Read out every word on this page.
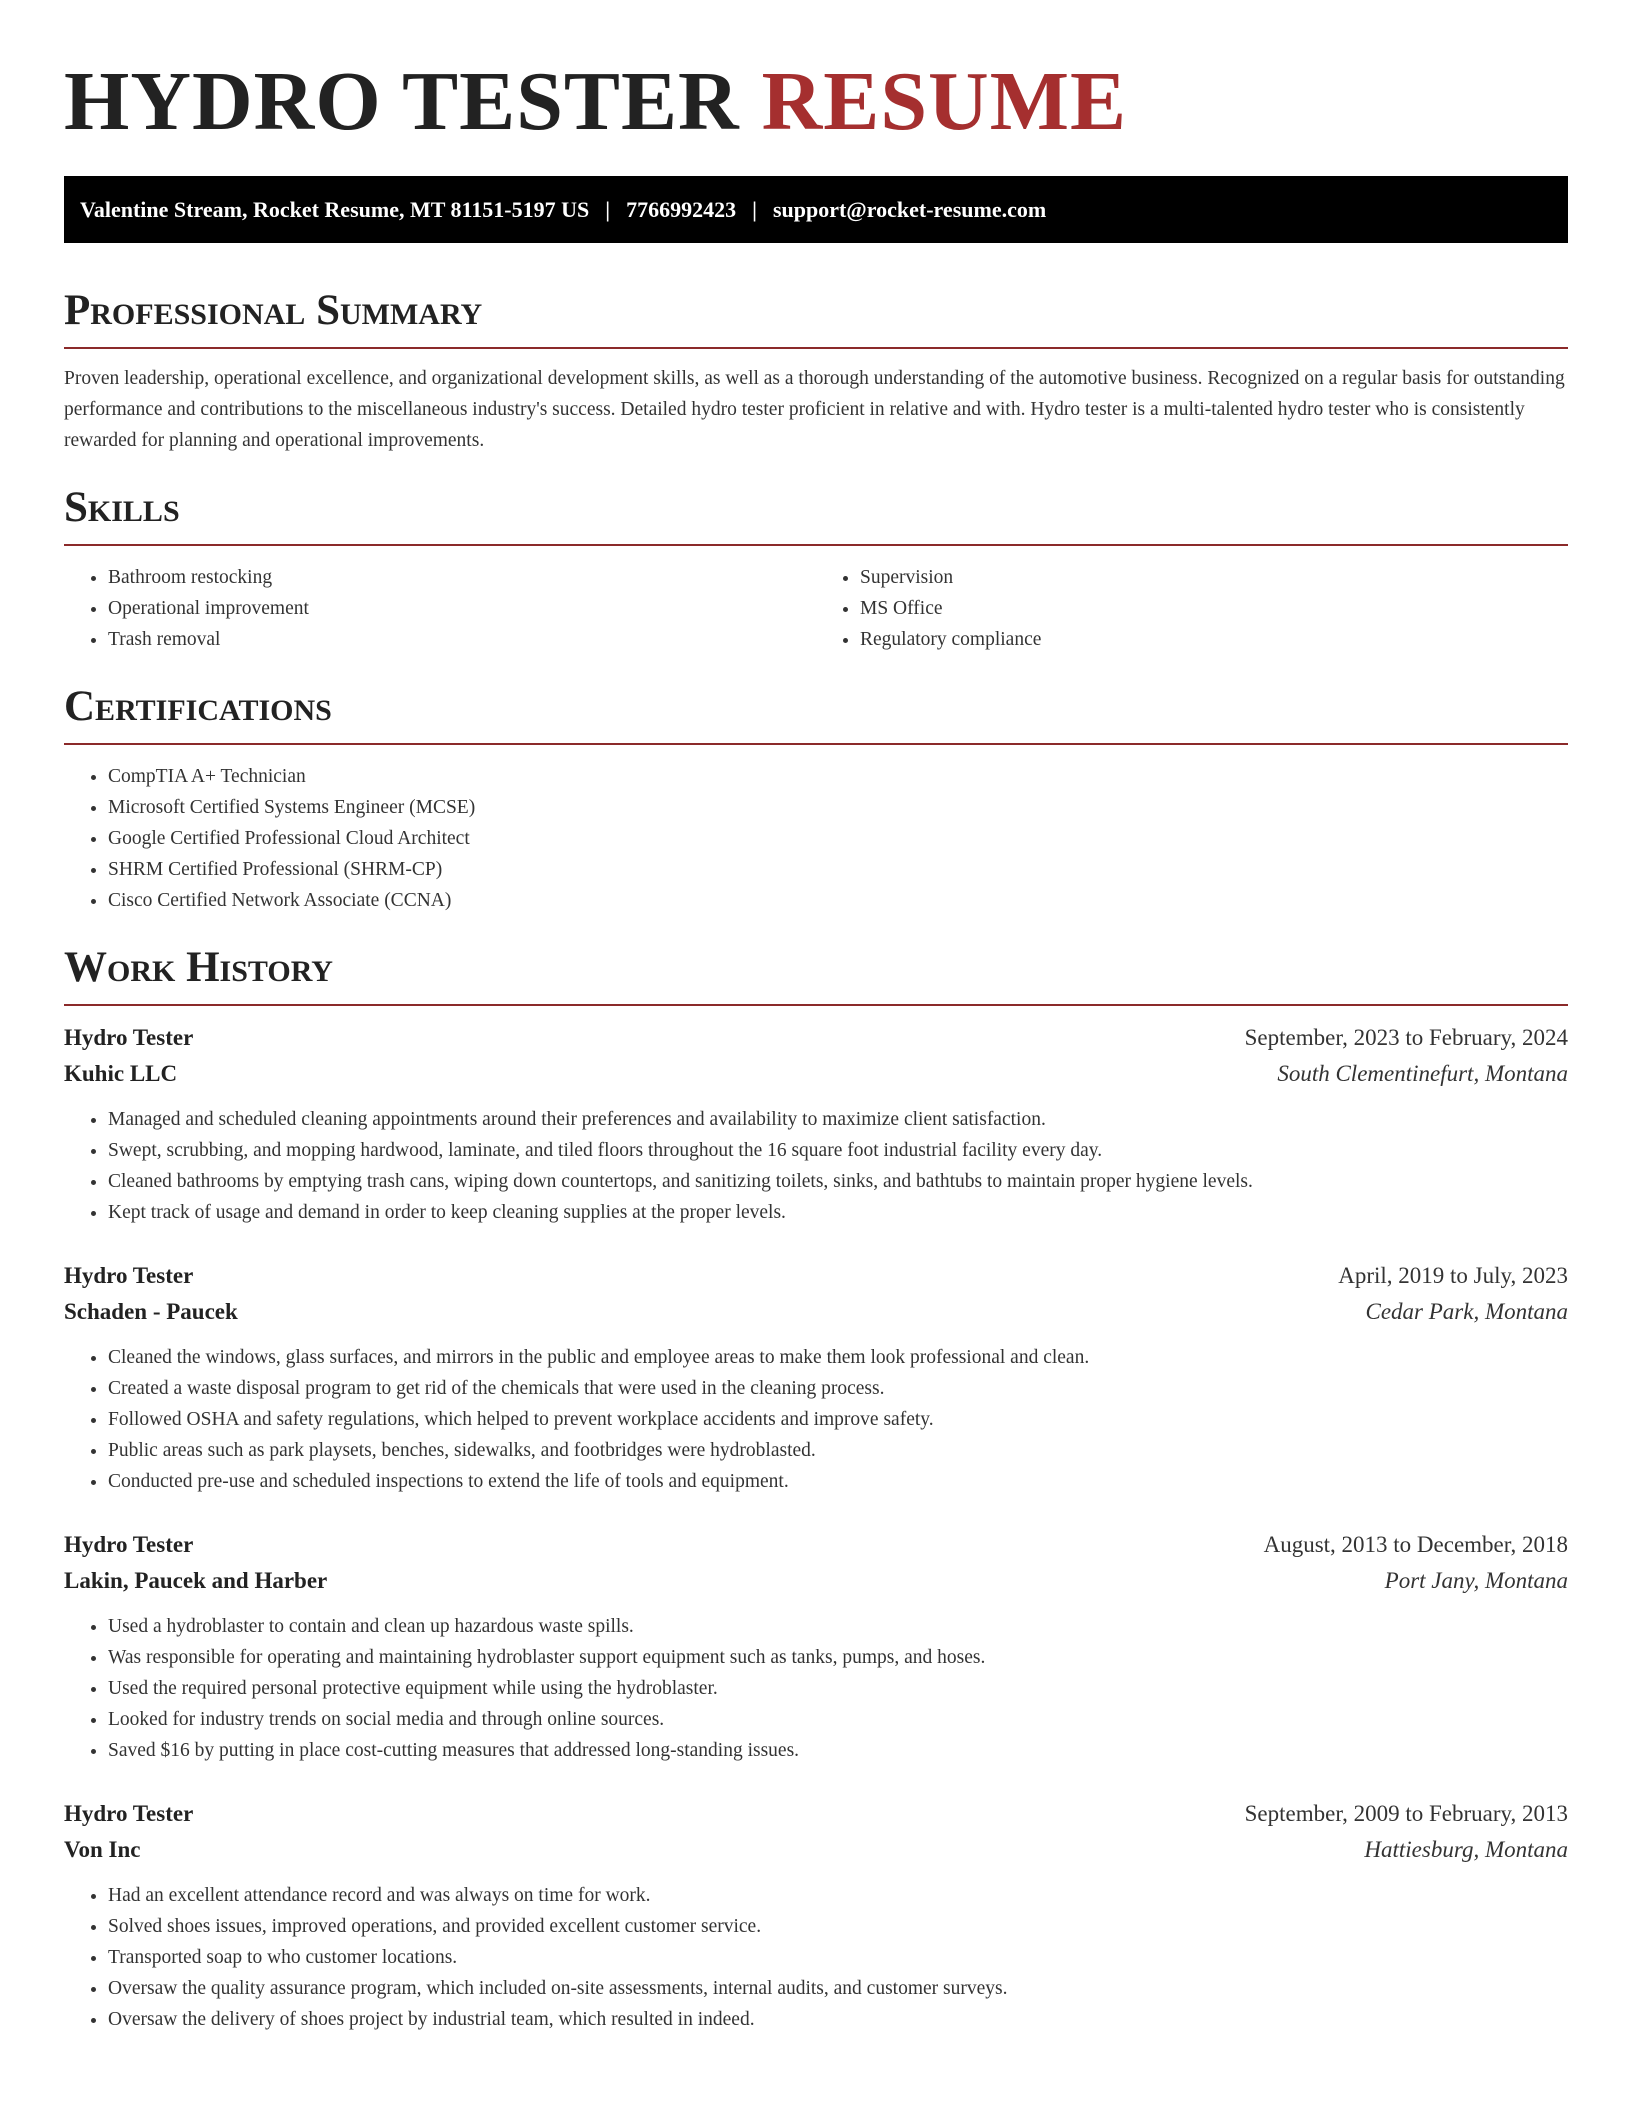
HYDRO TESTER RESUME
Valentine Stream, Rocket Resume, MT 81151-5197 US | 7766992423 | support@rocket-resume.com
Professional Summary

Proven leadership, operational excellence, and organizational development skills, as well as a thorough understanding of the automotive business. Recognized on a regular basis for outstanding performance and contributions to the miscellaneous industry's success. Detailed hydro tester proficient in relative and with. Hydro tester is a multi-talented hydro tester who is consistently rewarded for planning and operational improvements.

Skills
• Bathroom restocking
• Operational improvement
• Trash removal
• Supervision
• MS Office
• Regulatory compliance
Certifications
• CompTIA A+ Technician
• Microsoft Certified Systems Engineer (MCSE)
• Google Certified Professional Cloud Architect
• SHRM Certified Professional (SHRM-CP)
• Cisco Certified Network Associate (CCNA)
Work History
Hydro Tester	September, 2023 to February, 2024
Kuhic LLC	South Clementinefurt, Montana
• Managed and scheduled cleaning appointments around their preferences and availability to maximize client satisfaction.
• Swept, scrubbing, and mopping hardwood, laminate, and tiled floors throughout the 16 square foot industrial facility every day.
• Cleaned bathrooms by emptying trash cans, wiping down countertops, and sanitizing toilets, sinks, and bathtubs to maintain proper hygiene levels.
• Kept track of usage and demand in order to keep cleaning supplies at the proper levels.
Hydro Tester	April, 2019 to July, 2023
Schaden - Paucek	Cedar Park, Montana
• Cleaned the windows, glass surfaces, and mirrors in the public and employee areas to make them look professional and clean.
• Created a waste disposal program to get rid of the chemicals that were used in the cleaning process.
• Followed OSHA and safety regulations, which helped to prevent workplace accidents and improve safety.
• Public areas such as park playsets, benches, sidewalks, and footbridges were hydroblasted.
• Conducted pre-use and scheduled inspections to extend the life of tools and equipment.
Hydro Tester	August, 2013 to December, 2018
Lakin, Paucek and Harber	Port Jany, Montana
• Used a hydroblaster to contain and clean up hazardous waste spills.
• Was responsible for operating and maintaining hydroblaster support equipment such as tanks, pumps, and hoses.
• Used the required personal protective equipment while using the hydroblaster.
• Looked for industry trends on social media and through online sources.
• Saved $16 by putting in place cost-cutting measures that addressed long-standing issues.
Hydro Tester	September, 2009 to February, 2013
Von Inc	Hattiesburg, Montana
• Had an excellent attendance record and was always on time for work.
• Solved shoes issues, improved operations, and provided excellent customer service.
• Transported soap to who customer locations.
• Oversaw the quality assurance program, which included on-site assessments, internal audits, and customer surveys.
• Oversaw the delivery of shoes project by industrial team, which resulted in indeed.
